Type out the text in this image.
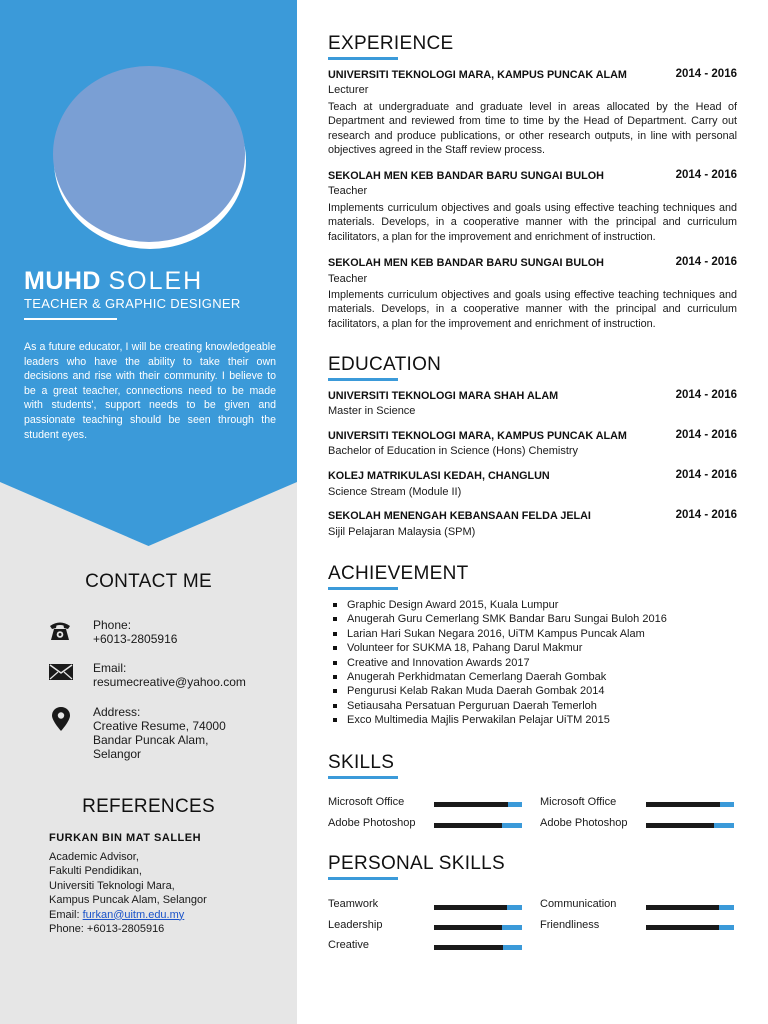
MUHD SOLEH
TEACHER & GRAPHIC DESIGNER
As a future educator, I will be creating knowledgeable leaders who have the ability to take their own decisions and rise with their community. I believe to be a great teacher, connections need to be made with students', support needs to be given and passionate teaching should be seen through the student eyes.
CONTACT ME
Phone:
+6013-2805916
Email:
resumecreative@yahoo.com
Address:
Creative Resume, 74000
Bandar Puncak Alam,
Selangor
REFERENCES
FURKAN BIN MAT SALLEH
Academic Advisor,
Fakulti Pendidikan,
Universiti Teknologi Mara,
Kampus Puncak Alam, Selangor
Email: furkan@uitm.edu.my
Phone: +6013-2805916
EXPERIENCE
UNIVERSITI TEKNOLOGI MARA, KAMPUS PUNCAK ALAM	2014 - 2016
Lecturer
Teach at undergraduate and graduate level in areas allocated by the Head of Department and reviewed from time to time by the Head of Department. Carry out research and produce publications, or other research outputs, in line with personal objectives agreed in the Staff review process.
SEKOLAH MEN KEB BANDAR BARU SUNGAI BULOH	2014 - 2016
Teacher
Implements curriculum objectives and goals using effective teaching techniques and materials. Develops, in a cooperative manner with the principal and curriculum facilitators, a plan for the improvement and enrichment of instruction.
SEKOLAH MEN KEB BANDAR BARU SUNGAI BULOH	2014 - 2016
Teacher
Implements curriculum objectives and goals using effective teaching techniques and materials. Develops, in a cooperative manner with the principal and curriculum facilitators, a plan for the improvement and enrichment of instruction.
EDUCATION
UNIVERSITI TEKNOLOGI MARA SHAH ALAM	2014 - 2016
Master in Science
UNIVERSITI TEKNOLOGI MARA, KAMPUS PUNCAK ALAM	2014 - 2016
Bachelor of Education in Science (Hons) Chemistry
KOLEJ MATRIKULASI KEDAH, CHANGLUN	2014 - 2016
Science Stream (Module II)
SEKOLAH MENENGAH KEBANSAAN FELDA JELAI	2014 - 2016
Sijil Pelajaran Malaysia (SPM)
ACHIEVEMENT
Graphic Design Award 2015, Kuala Lumpur
Anugerah Guru Cemerlang SMK Bandar Baru Sungai Buloh 2016
Larian Hari Sukan Negara 2016, UiTM Kampus Puncak Alam
Volunteer for SUKMA 18, Pahang Darul Makmur
Creative and Innovation Awards 2017
Anugerah Perkhidmatan Cemerlang Daerah Gombak
Pengurusi Kelab Rakan Muda Daerah Gombak 2014
Setiausaha Persatuan Perguruan Daerah Temerloh
Exco Multimedia Majlis Perwakilan Pelajar UiTM 2015
SKILLS
Microsoft Office	Microsoft Office
Adobe Photoshop	Adobe Photoshop
PERSONAL SKILLS
Teamwork	Communication
Leadership	Friendliness
Creative
